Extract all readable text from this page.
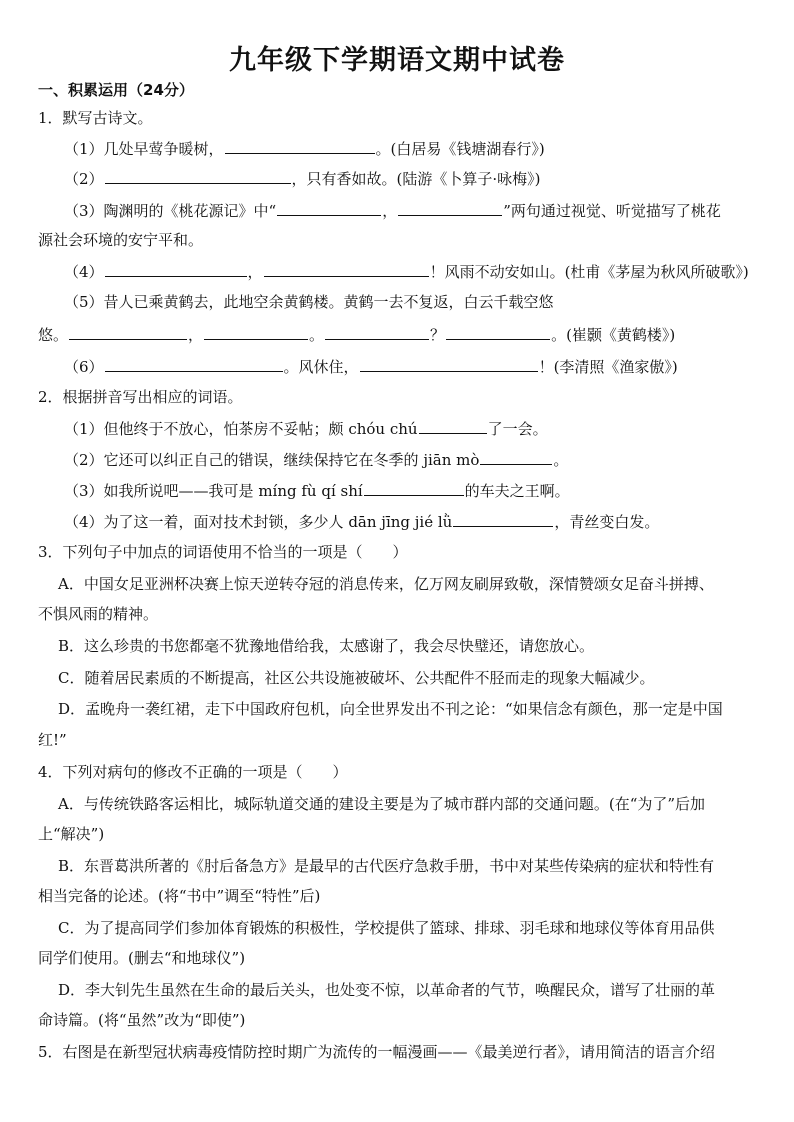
九年级下学期语文期中试卷
一、积累运用（24分）
1．默写古诗文。
（1）几处早莺争暖树，	。(白居易《钱塘湖春行》)
（2）	，只有香如故。(陆游《卜算子·咏梅》)
（3）陶渊明的《桃花源记》中“	，	”两句通过视觉、听觉描写了桃花
源社会环境的安宁平和。
（4）	，	！风雨不动安如山。(杜甫《茅屋为秋风所破歌》)
（5）昔人已乘黄鹤去，此地空余黄鹤楼。黄鹤一去不复返，白云千载空悠
悠。	，	。	？	。(崔颢《黄鹤楼》)
（6）	。风休住，	！(李清照《渔家傲》)
2．根据拼音写出相应的词语。
（1）但他终于不放心，怕茶房不妥帖；颇 chóu chú	了一会。
（2）它还可以纠正自己的错误，继续保持它在冬季的 jiān mò	。
（3）如我所说吧——我可是 míng fù qí shí	的车夫之王啊。
（4）为了这一着，面对技术封锁，多少人 dān jīng jié lǜ	，青丝变白发。
3．下列句子中加点的词语使用不恰当的一项是（　　）
A．中国女足亚洲杯决赛上惊天逆转夺冠的消息传来，亿万网友刷屏致敬，深情赞颂女足奋斗拼搏、
不惧风雨的精神。
B．这么珍贵的书您都毫不犹豫地借给我，太感谢了，我会尽快璧还，请您放心。
C．随着居民素质的不断提高，社区公共设施被破坏、公共配件不胫而走的现象大幅减少。
D．孟晚舟一袭红裙，走下中国政府包机，向全世界发出不刊之论：“如果信念有颜色，那一定是中国
红!”
4．下列对病句的修改不正确的一项是（　　）
A．与传统铁路客运相比，城际轨道交通的建设主要是为了城市群内部的交通问题。(在“为了”后加
上“解决”)
B．东晋葛洪所著的《肘后备急方》是最早的古代医疗急救手册，书中对某些传染病的症状和特性有
相当完备的论述。(将“书中”调至“特性”后)
C．为了提高同学们参加体育锻炼的积极性，学校提供了篮球、排球、羽毛球和地球仪等体育用品供
同学们使用。(删去“和地球仪”)
D．李大钊先生虽然在生命的最后关头，也处变不惊，以革命者的气节，唤醒民众，谱写了壮丽的革
命诗篇。(将“虽然”改为“即使”)
5．右图是在新型冠状病毒疫情防控时期广为流传的一幅漫画——《最美逆行者》，请用简洁的语言介绍
